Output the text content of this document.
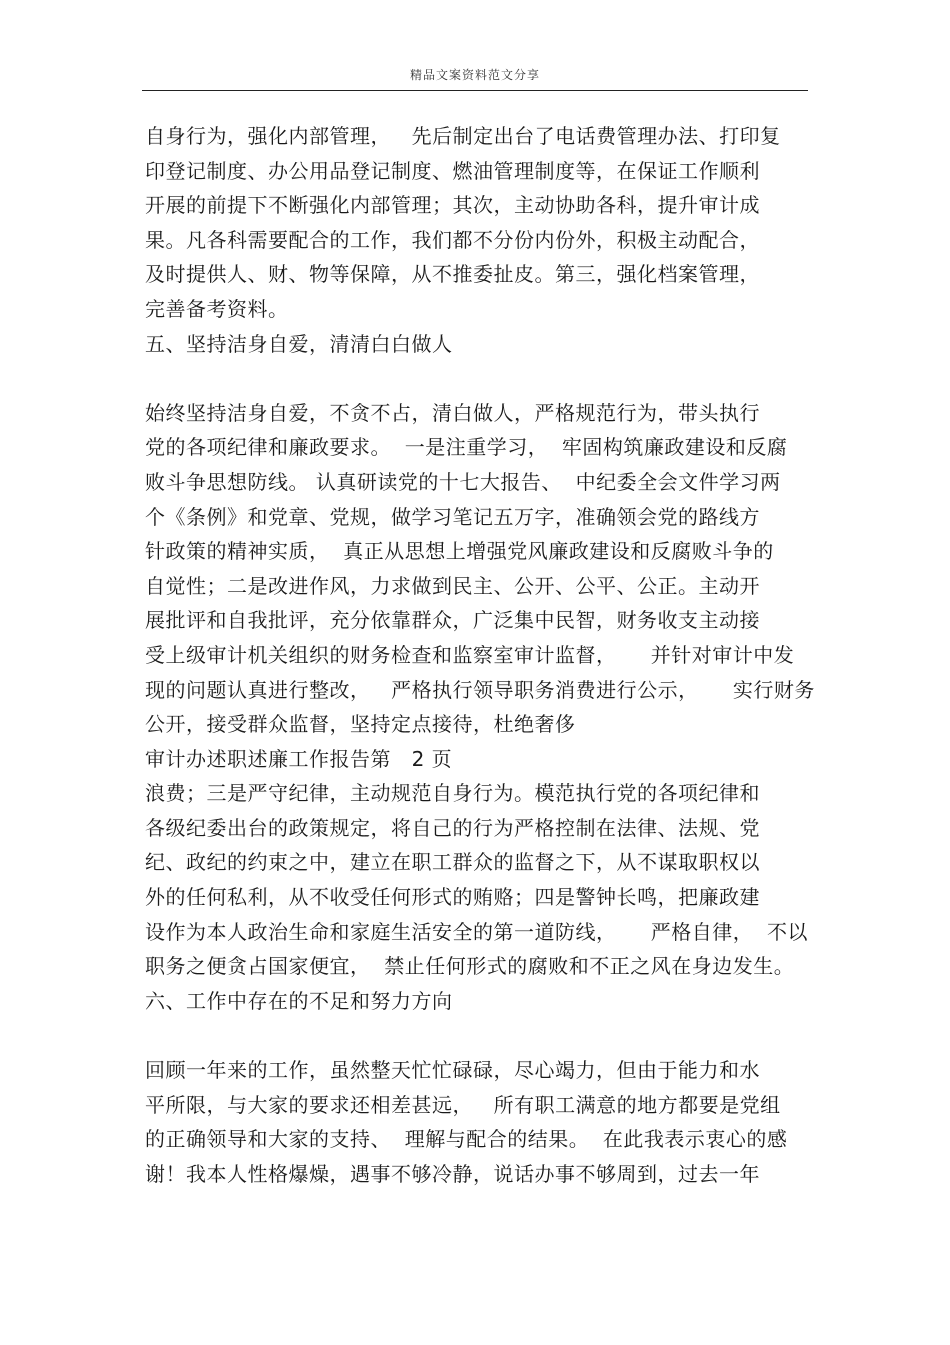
精品文案资料范文分享
自身行为，强化内部管理，   先后制定出台了电话费管理办法、打印复
印登记制度、办公用品登记制度、燃油管理制度等，在保证工作顺利
开展的前提下不断强化内部管理；其次，主动协助各科，提升审计成
果。凡各科需要配合的工作，我们都不分份内份外，积极主动配合，
及时提供人、财、物等保障，从不推委扯皮。第三，强化档案管理，
完善备考资料。
五、坚持洁身自爱，清清白白做人
始终坚持洁身自爱，不贪不占，清白做人，严格规范行为，带头执行
党的各项纪律和廉政要求。  一是注重学习，  牢固构筑廉政建设和反腐
败斗争思想防线。 认真研读党的十七大报告、  中纪委全会文件学习两
个《条例》和党章、党规，做学习笔记五万字，准确领会党的路线方
针政策的精神实质，  真正从思想上增强党风廉政建设和反腐败斗争的
自觉性；二是改进作风，力求做到民主、公开、公平、公正。主动开
展批评和自我批评，充分依靠群众，广泛集中民智，财务收支主动接
受上级审计机关组织的财务检查和监察室审计监督，     并针对审计中发
现的问题认真进行整改，   严格执行领导职务消费进行公示，     实行财务
公开，接受群众监督，坚持定点接待，杜绝奢侈
审计办述职述廉工作报告第   2 页
浪费；三是严守纪律，主动规范自身行为。模范执行党的各项纪律和
各级纪委出台的政策规定，将自己的行为严格控制在法律、法规、党
纪、政纪的约束之中，建立在职工群众的监督之下，从不谋取职权以
外的任何私利，从不收受任何形式的贿赂；四是警钟长鸣，把廉政建
设作为本人政治生命和家庭生活安全的第一道防线，     严格自律，  不以
职务之便贪占国家便宜，  禁止任何形式的腐败和不正之风在身边发生。
六、工作中存在的不足和努力方向
回顾一年来的工作，虽然整天忙忙碌碌，尽心竭力，但由于能力和水
平所限，与大家的要求还相差甚远，   所有职工满意的地方都要是党组
的正确领导和大家的支持、  理解与配合的结果。  在此我表示衷心的感
谢！我本人性格爆燥，遇事不够冷静，说话办事不够周到，过去一年
